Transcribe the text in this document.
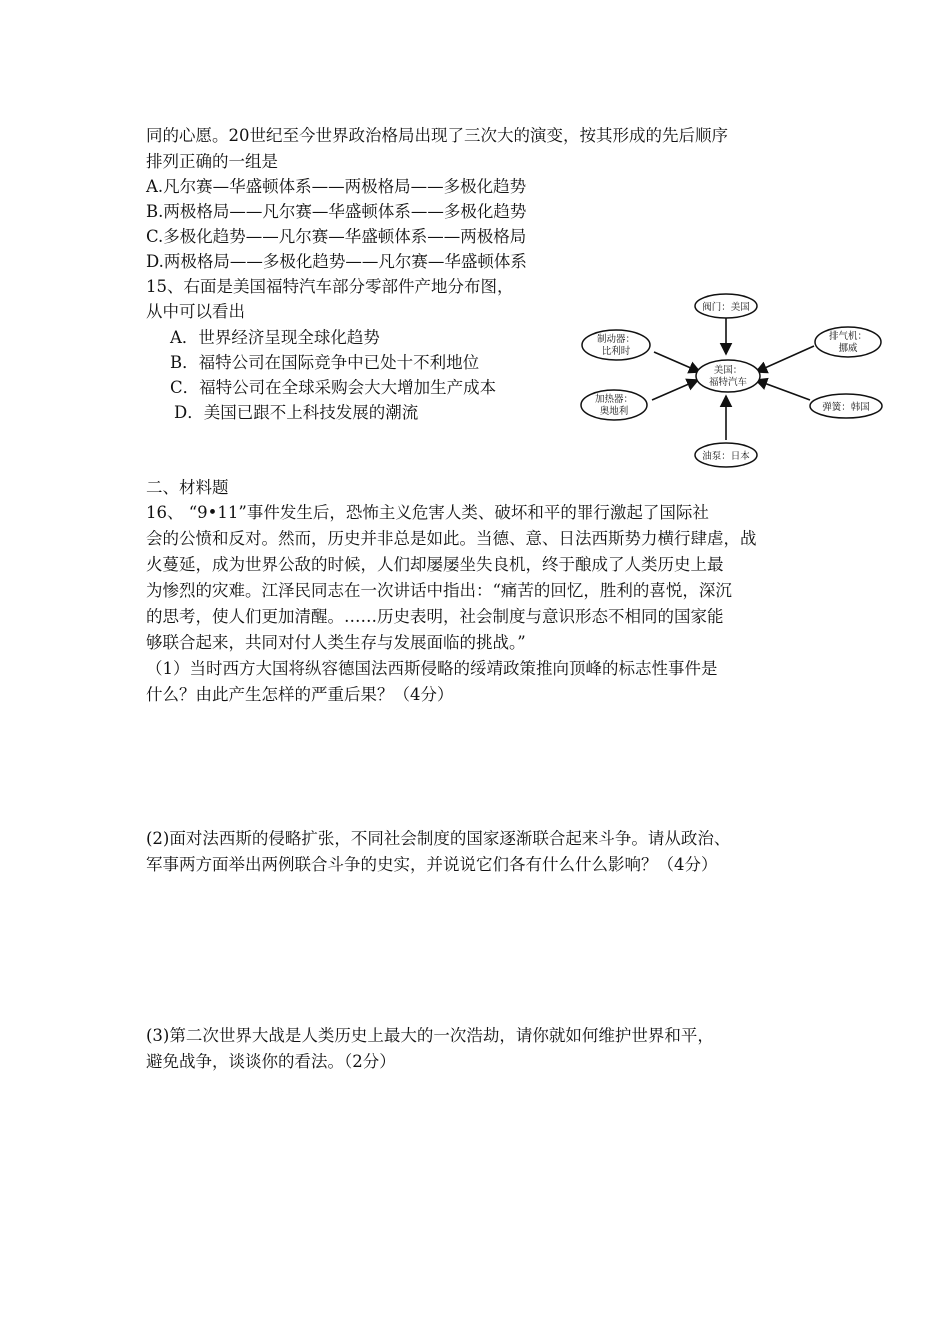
同的心愿。20世纪至今世界政治格局出现了三次大的演变，按其形成的先后顺序
排列正确的一组是
A.凡尔赛—华盛顿体系——两极格局——多极化趋势
B.两极格局——凡尔赛—华盛顿体系——多极化趋势
C.多极化趋势——凡尔赛—华盛顿体系——两极格局
D.两极格局——多极化趋势——凡尔赛—华盛顿体系
15、右面是美国福特汽车部分零部件产地分布图，
从中可以看出
A．世界经济呈现全球化趋势
B．福特公司在国际竞争中已处十不利地位
C．福特公司在全球采购会大大增加生产成本
D．美国已跟不上科技发展的潮流
阀门：美国
制动器：
比利时
排气机：
挪威
美国：
福特汽车
加热器：
奥地利	弹簧：韩国
油泵：日本
二、材料题
16、 “9•11”事件发生后，恐怖主义危害人类、破坏和平的罪行激起了国际社
会的公愤和反对。然而，历史并非总是如此。当德、意、日法西斯势力横行肆虐，战
火蔓延，成为世界公敌的时候，人们却屡屡坐失良机，终于酿成了人类历史上最
为惨烈的灾难。江泽民同志在一次讲话中指出：“痛苦的回忆，胜利的喜悦，深沉
的思考，使人们更加清醒。……历史表明，社会制度与意识形态不相同的国家能
够联合起来，共同对付人类生存与发展面临的挑战。”
（1）当时西方大国将纵容德国法西斯侵略的绥靖政策推向顶峰的标志性事件是
什么？由此产生怎样的严重后果？（4分）
(2)面对法西斯的侵略扩张，不同社会制度的国家逐渐联合起来斗争。请从政治、
军事两方面举出两例联合斗争的史实，并说说它们各有什么什么影响？（4分）
(3)第二次世界大战是人类历史上最大的一次浩劫，请你就如何维护世界和平，
避免战争，谈谈你的看法。（2分）
